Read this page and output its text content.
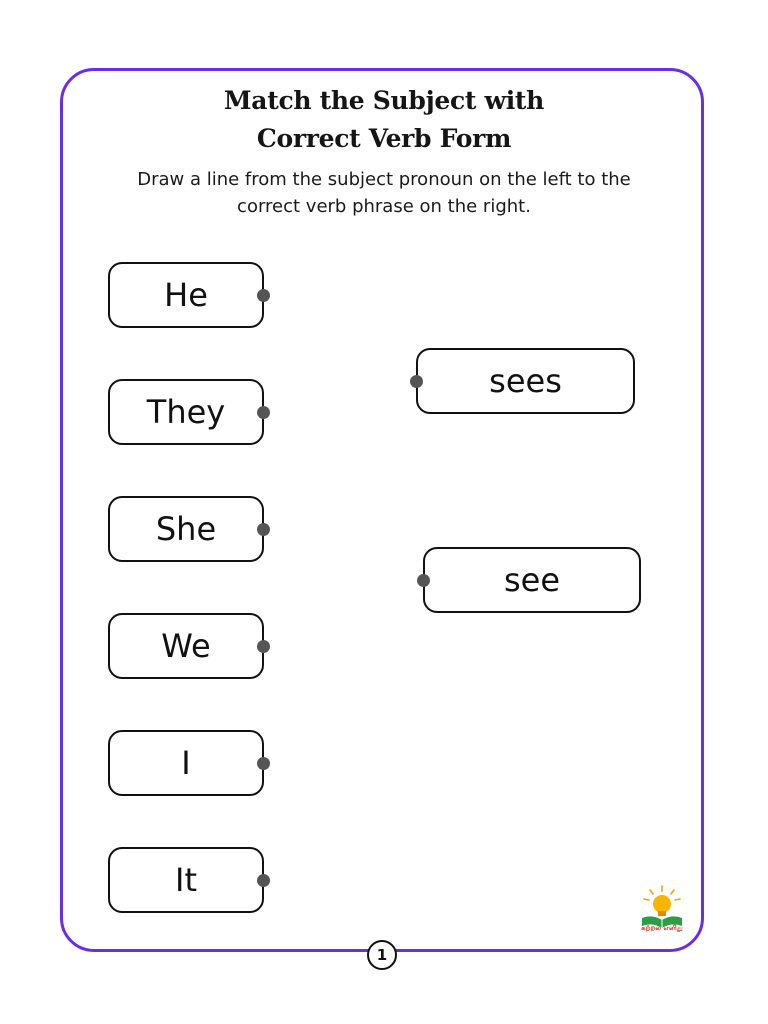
Match the Subject with
Correct Verb Form
Draw a line from the subject pronoun on the left to the
correct verb phrase on the right.
He
They
She
We
I
It
sees
see
கற்றல் எளிது
1
